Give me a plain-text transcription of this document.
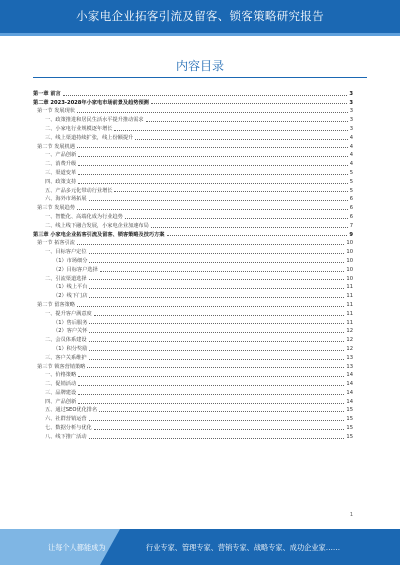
小家电企业拓客引流及留客、锁客策略研究报告
内容目录
第一章 前言	3
第二章 2023-2028年小家电市场前景及趋势预测	3
第一节 发展现状	3
一、政策推进和居民生活水平提升推动需求	3
二、小家电行业规模逐年增长	3
三、线上渠道持续扩张，线上份额提升	4
第二节 发展机遇	4
一、产品创新	4
二、消费升级	4
三、渠道变革	5
四、政策支持	5
五、产品多元化带动行业增长	5
六、海外市场拓展	6
第三节 发展趋势	6
一、智能化、高端化成为行业趋势	6
二、线上线下融合发展，小家电企业加速布局	7
第三章 小家电企业拓客引流及留客、锁客策略及技巧方案	9
第一节 拓客引流	10
一、目标客户定位	10
（1）市场细分	10
（2）目标客户选择	10
二、引流渠道选择	10
（1）线上平台	11
（2）线下门店	11
第二节 留客策略	11
一、提升客户满意度	11
（1）售后服务	11
（2）客户关怀	12
二、会员体系建设	12
（1）积分奖励	12
三、客户关系维护	13
第三节 锁客营销策略	13
一、价格策略	14
二、促销活动	14
三、品牌建设	14
四、产品创新	14
五、通过SEO优化排名	15
六、社群营销运营	15
七、数据分析与优化	15
八、线下推广活动	15
1
让每个人都能成为	行业专家、管理专家、营销专家、战略专家、成功企业家……
